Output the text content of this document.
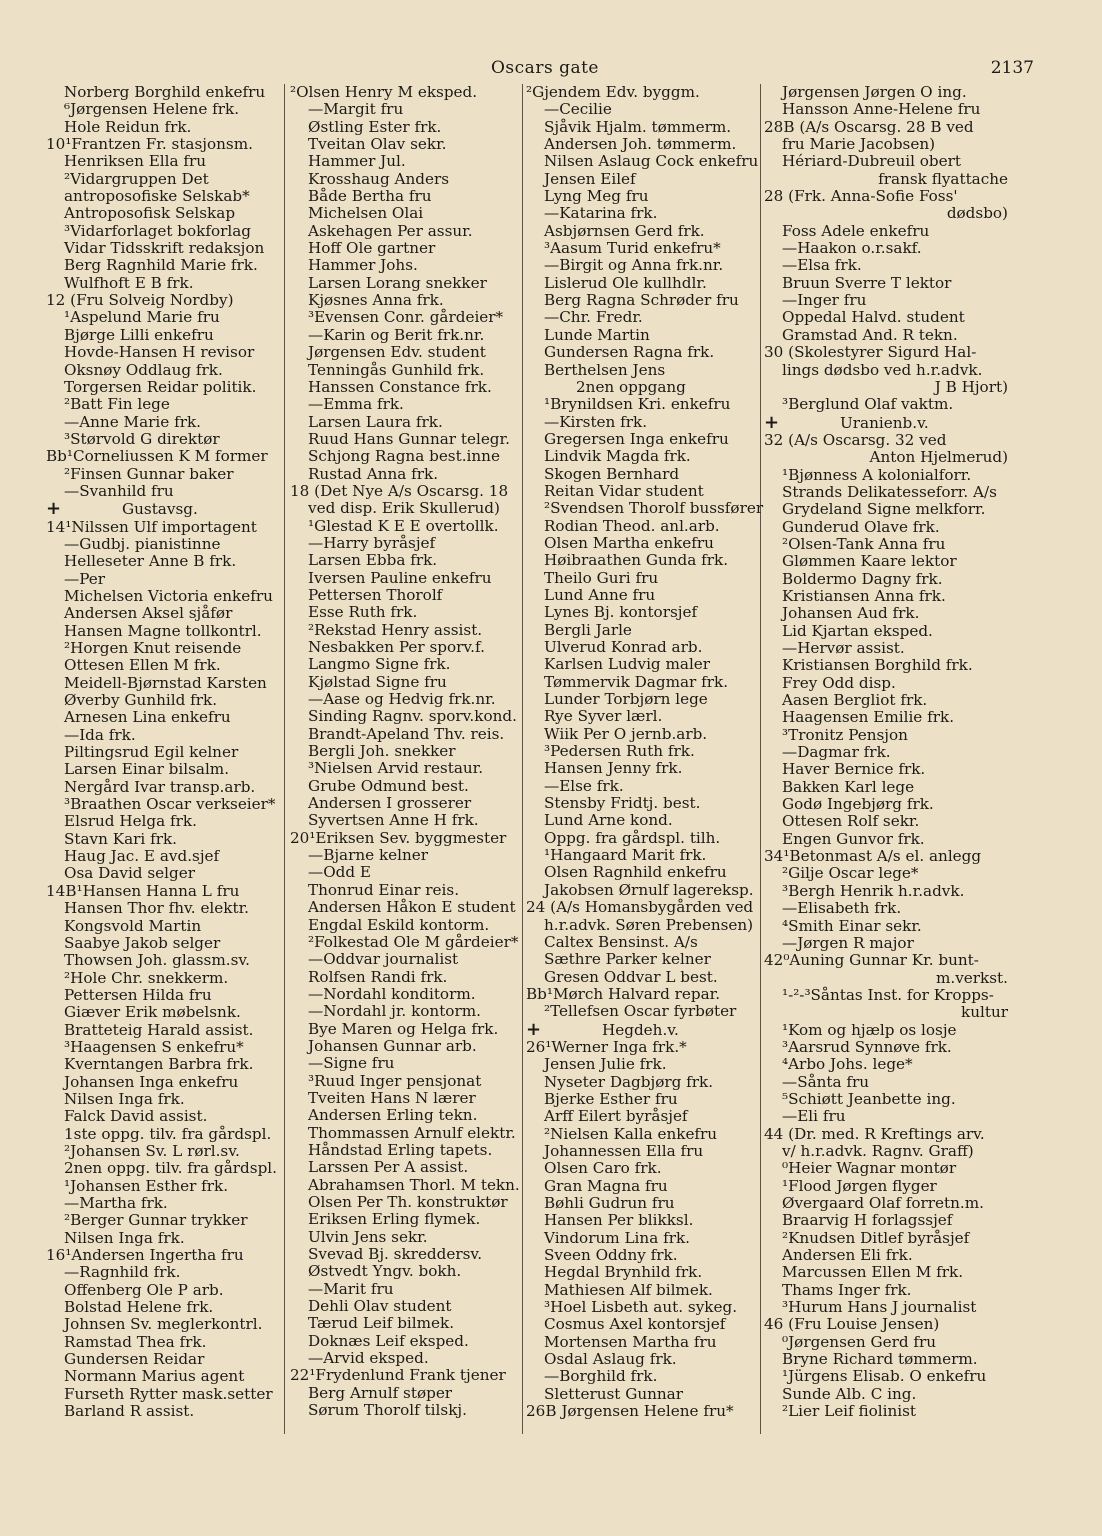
Oscars gate	2137
Norberg Borghild enkefru
⁶Jørgensen Helene frk.
Hole Reidun frk.
10¹Frantzen Fr. stasjonsm.
Henriksen Ella fru
²Vidargruppen Det
antroposofiske Selskab*
Antroposofisk Selskap
³Vidarforlaget bokforlag
Vidar Tidsskrift redaksjon
Berg Ragnhild Marie frk.
Wulfhoft E B frk.
12 (Fru Solveig Nordby)
¹Aspelund Marie fru
Bjørge Lilli enkefru
Hovde-Hansen H revisor
Oksnøy Oddlaug frk.
Torgersen Reidar politik.
²Batt Fin lege
—Anne Marie frk.
³Størvold G direktør
Bb¹Corneliussen K M former
²Finsen Gunnar baker
—Svanhild fru
+	Gustavsg.
14¹Nilssen Ulf importagent
—Gudbj. pianistinne
Helleseter Anne B frk.
—Per
Michelsen Victoria enkefru
Andersen Aksel sjåfør
Hansen Magne tollkontrl.
²Horgen Knut reisende
Ottesen Ellen M frk.
Meidell-Bjørnstad Karsten
Øverby Gunhild frk.
Arnesen Lina enkefru
—Ida frk.
Piltingsrud Egil kelner
Larsen Einar bilsalm.
Nergård Ivar transp.arb.
³Braathen Oscar verkseier*
Elsrud Helga frk.
Stavn Kari frk.
Haug Jac. E avd.sjef
Osa David selger
14B¹Hansen Hanna L fru
Hansen Thor fhv. elektr.
Kongsvold Martin
Saabye Jakob selger
Thowsen Joh. glassm.sv.
²Hole Chr. snekkerm.
Pettersen Hilda fru
Giæver Erik møbelsnk.
Bratteteig Harald assist.
³Haagensen S enkefru*
Kverntangen Barbra frk.
Johansen Inga enkefru
Nilsen Inga frk.
Falck David assist.
1ste oppg. tilv. fra gårdspl.
²Johansen Sv. L rørl.sv.
2nen oppg. tilv. fra gårdspl.
¹Johansen Esther frk.
—Martha frk.
²Berger Gunnar trykker
Nilsen Inga frk.
16¹Andersen Ingertha fru
—Ragnhild frk.
Offenberg Ole P arb.
Bolstad Helene frk.
Johnsen Sv. meglerkontrl.
Ramstad Thea frk.
Gundersen Reidar
Normann Marius agent
Furseth Rytter mask.setter
Barland R assist.
²Olsen Henry M eksped.
—Margit fru
Østling Ester frk.
Tveitan Olav sekr.
Hammer Jul.
Krosshaug Anders
Både Bertha fru
Michelsen Olai
Askehagen Per assur.
Hoff Ole gartner
Hammer Johs.
Larsen Lorang snekker
Kjøsnes Anna frk.
³Evensen Conr. gårdeier*
—Karin og Berit frk.nr.
Jørgensen Edv. student
Tenningås Gunhild frk.
Hanssen Constance frk.
—Emma frk.
Larsen Laura frk.
Ruud Hans Gunnar telegr.
Schjong Ragna best.inne
Rustad Anna frk.
18 (Det Nye A/s Oscarsg. 18
ved disp. Erik Skullerud)
¹Glestad K E E overtollk.
—Harry byråsjef
Larsen Ebba frk.
Iversen Pauline enkefru
Pettersen Thorolf
Esse Ruth frk.
²Rekstad Henry assist.
Nesbakken Per sporv.f.
Langmo Signe frk.
Kjølstad Signe fru
—Aase og Hedvig frk.nr.
Sinding Ragnv. sporv.kond.
Brandt-Apeland Thv. reis.
Bergli Joh. snekker
³Nielsen Arvid restaur.
Grube Odmund best.
Andersen I grosserer
Syvertsen Anne H frk.
20¹Eriksen Sev. byggmester
—Bjarne kelner
—Odd E
Thonrud Einar reis.
Andersen Håkon E student
Engdal Eskild kontorm.
²Folkestad Ole M gårdeier*
—Oddvar journalist
Rolfsen Randi frk.
—Nordahl konditorm.
—Nordahl jr. kontorm.
Bye Maren og Helga frk.
Johansen Gunnar arb.
—Signe fru
³Ruud Inger pensjonat
Tveiten Hans N lærer
Andersen Erling tekn.
Thommassen Arnulf elektr.
Håndstad Erling tapets.
Larssen Per A assist.
Abrahamsen Thorl. M tekn.
Olsen Per Th. konstruktør
Eriksen Erling flymek.
Ulvin Jens sekr.
Svevad Bj. skreddersv.
Østvedt Yngv. bokh.
—Marit fru
Dehli Olav student
Tærud Leif bilmek.
Doknæs Leif eksped.
—Arvid eksped.
22¹Frydenlund Frank tjener
Berg Arnulf støper
Sørum Thorolf tilskj.
²Gjendem Edv. byggm.
—Cecilie
Sjåvik Hjalm. tømmerm.
Andersen Joh. tømmerm.
Nilsen Aslaug Cock enkefru
Jensen Eilef
Lyng Meg fru
—Katarina frk.
Asbjørnsen Gerd frk.
³Aasum Turid enkefru*
—Birgit og Anna frk.nr.
Lislerud Ole kullhdlr.
Berg Ragna Schrøder fru
—Chr. Fredr.
Lunde Martin
Gundersen Ragna frk.
Berthelsen Jens
2nen oppgang
¹Brynildsen Kri. enkefru
—Kirsten frk.
Gregersen Inga enkefru
Lindvik Magda frk.
Skogen Bernhard
Reitan Vidar student
²Svendsen Thorolf bussfører
Rodian Theod. anl.arb.
Olsen Martha enkefru
Høibraathen Gunda frk.
Theilo Guri fru
Lund Anne fru
Lynes Bj. kontorsjef
Bergli Jarle
Ulverud Konrad arb.
Karlsen Ludvig maler
Tømmervik Dagmar frk.
Lunder Torbjørn lege
Rye Syver lærl.
Wiik Per O jernb.arb.
³Pedersen Ruth frk.
Hansen Jenny frk.
—Else frk.
Stensby Fridtj. best.
Lund Arne kond.
Oppg. fra gårdspl. tilh.
¹Hangaard Marit frk.
Olsen Ragnhild enkefru
Jakobsen Ørnulf lagereksp.
24 (A/s Homansbygården ved
h.r.advk. Søren Prebensen)
Caltex Bensinst. A/s
Sæthre Parker kelner
Gresen Oddvar L best.
Bb¹Mørch Halvard repar.
²Tellefsen Oscar fyrbøter
+	Hegdeh.v.
26¹Werner Inga frk.*
Jensen Julie frk.
Nyseter Dagbjørg frk.
Bjerke Esther fru
Arff Eilert byråsjef
²Nielsen Kalla enkefru
Johannessen Ella fru
Olsen Caro frk.
Gran Magna fru
Bøhli Gudrun fru
Hansen Per blikksl.
Vindorum Lina frk.
Sveen Oddny frk.
Hegdal Brynhild frk.
Mathiesen Alf bilmek.
³Hoel Lisbeth aut. sykeg.
Cosmus Axel kontorsjef
Mortensen Martha fru
Osdal Aslaug frk.
—Borghild frk.
Sletterust Gunnar
26B Jørgensen Helene fru*
Jørgensen Jørgen O ing.
Hansson Anne-Helene fru
28B (A/s Oscarsg. 28 B ved
fru Marie Jacobsen)
Hériard-Dubreuil obert
fransk flyattache
28 (Frk. Anna-Sofie Foss'
dødsbo)
Foss Adele enkefru
—Haakon o.r.sakf.
—Elsa frk.
Bruun Sverre T lektor
—Inger fru
Oppedal Halvd. student
Gramstad And. R tekn.
30 (Skolestyrer Sigurd Hal-
lings dødsbo ved h.r.advk.
J B Hjort)
³Berglund Olaf vaktm.
+	Uranienb.v.
32 (A/s Oscarsg. 32 ved
Anton Hjelmerud)
¹Bjønness A kolonialforr.
Strands Delikatesseforr. A/s
Grydeland Signe melkforr.
Gunderud Olave frk.
²Olsen-Tank Anna fru
Glømmen Kaare lektor
Boldermo Dagny frk.
Kristiansen Anna frk.
Johansen Aud frk.
Lid Kjartan eksped.
—Hervør assist.
Kristiansen Borghild frk.
Frey Odd disp.
Aasen Bergliot frk.
Haagensen Emilie frk.
³Tronitz Pensjon
—Dagmar frk.
Haver Bernice frk.
Bakken Karl lege
Godø Ingebjørg frk.
Ottesen Rolf sekr.
Engen Gunvor frk.
34¹Betonmast A/s el. anlegg
²Gilje Oscar lege*
³Bergh Henrik h.r.advk.
—Elisabeth frk.
⁴Smith Einar sekr.
—Jørgen R major
42⁰Auning Gunnar Kr. bunt-
m.verkst.
¹-²-³Såntas Inst. for Kropps-
kultur
¹Kom og hjælp os losje
³Aarsrud Synnøve frk.
⁴Arbo Johs. lege*
—Sånta fru
⁵Schiøtt Jeanbette ing.
—Eli fru
44 (Dr. med. R Kreftings arv.
v/ h.r.advk. Ragnv. Graff)
⁰Heier Wagnar montør
¹Flood Jørgen flyger
Øvergaard Olaf forretn.m.
Braarvig H forlagssjef
²Knudsen Ditlef byråsjef
Andersen Eli frk.
Marcussen Ellen M frk.
Thams Inger frk.
³Hurum Hans J journalist
46 (Fru Louise Jensen)
⁰Jørgensen Gerd fru
Bryne Richard tømmerm.
¹Jürgens Elisab. O enkefru
Sunde Alb. C ing.
²Lier Leif fiolinist
